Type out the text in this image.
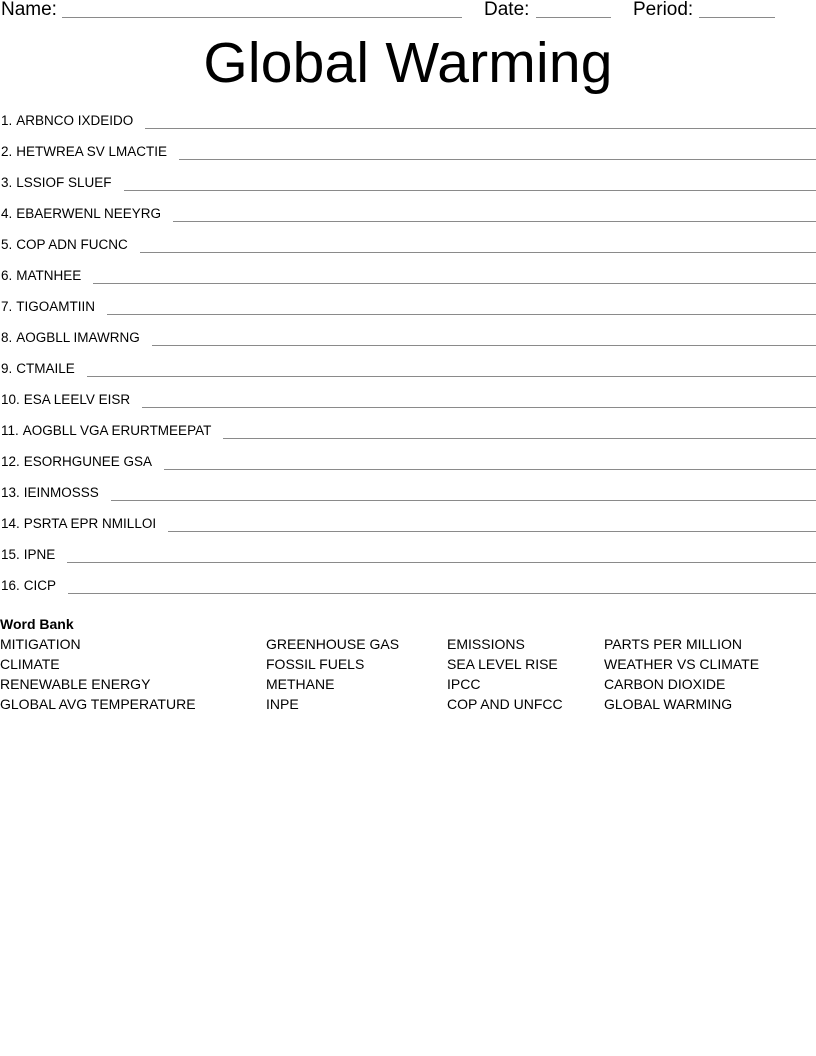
Name:	Date:	Period:
Global Warming
1. ARBNCO IXDEIDO
2. HETWREA SV LMACTIE
3. LSSIOF SLUEF
4. EBAERWENL NEEYRG
5. COP ADN FUCNC
6. MATNHEE
7. TIGOAMTIIN
8. AOGBLL IMAWRNG
9. CTMAILE
10. ESA LEELV EISR
11. AOGBLL VGA ERURTMEEPAT
12. ESORHGUNEE GSA
13. IEINMOSSS
14. PSRTA EPR NMILLOI
15. IPNE
16. CICP
Word Bank
MITIGATION
CLIMATE
RENEWABLE ENERGY
GLOBAL AVG TEMPERATURE
GREENHOUSE GAS
FOSSIL FUELS
METHANE
INPE
EMISSIONS
SEA LEVEL RISE
IPCC
COP AND UNFCC
PARTS PER MILLION
WEATHER VS CLIMATE
CARBON DIOXIDE
GLOBAL WARMING
